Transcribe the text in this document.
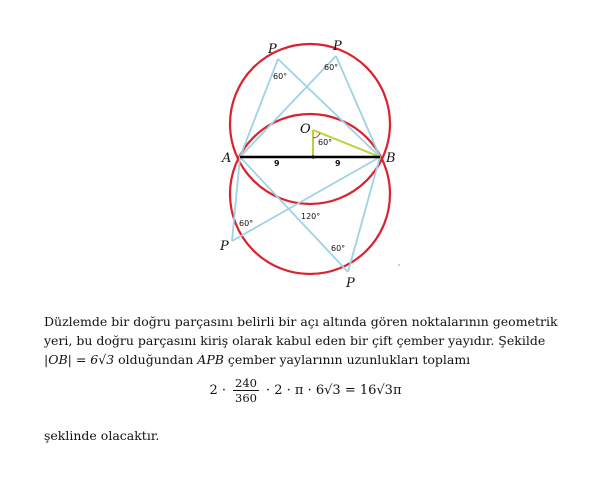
A	B
O
P	P
P
P
60°
60°
60°
60°
60°
120°
9	9

Düzlemde bir doğru parçasını belirli bir açı altında gören noktalarının geometrik

yeri, bu doğru parçasını kiriş olarak kabul eden bir çift çember yayıdır. Şekilde

|OB| = 6√3 olduğundan APB çember yaylarının uzunlukları toplamı

$2 \cdot \frac{240}{360} \cdot 2 \cdot \pi \cdot 6√3 = 16√3\pi$
şeklinde olacaktır.
